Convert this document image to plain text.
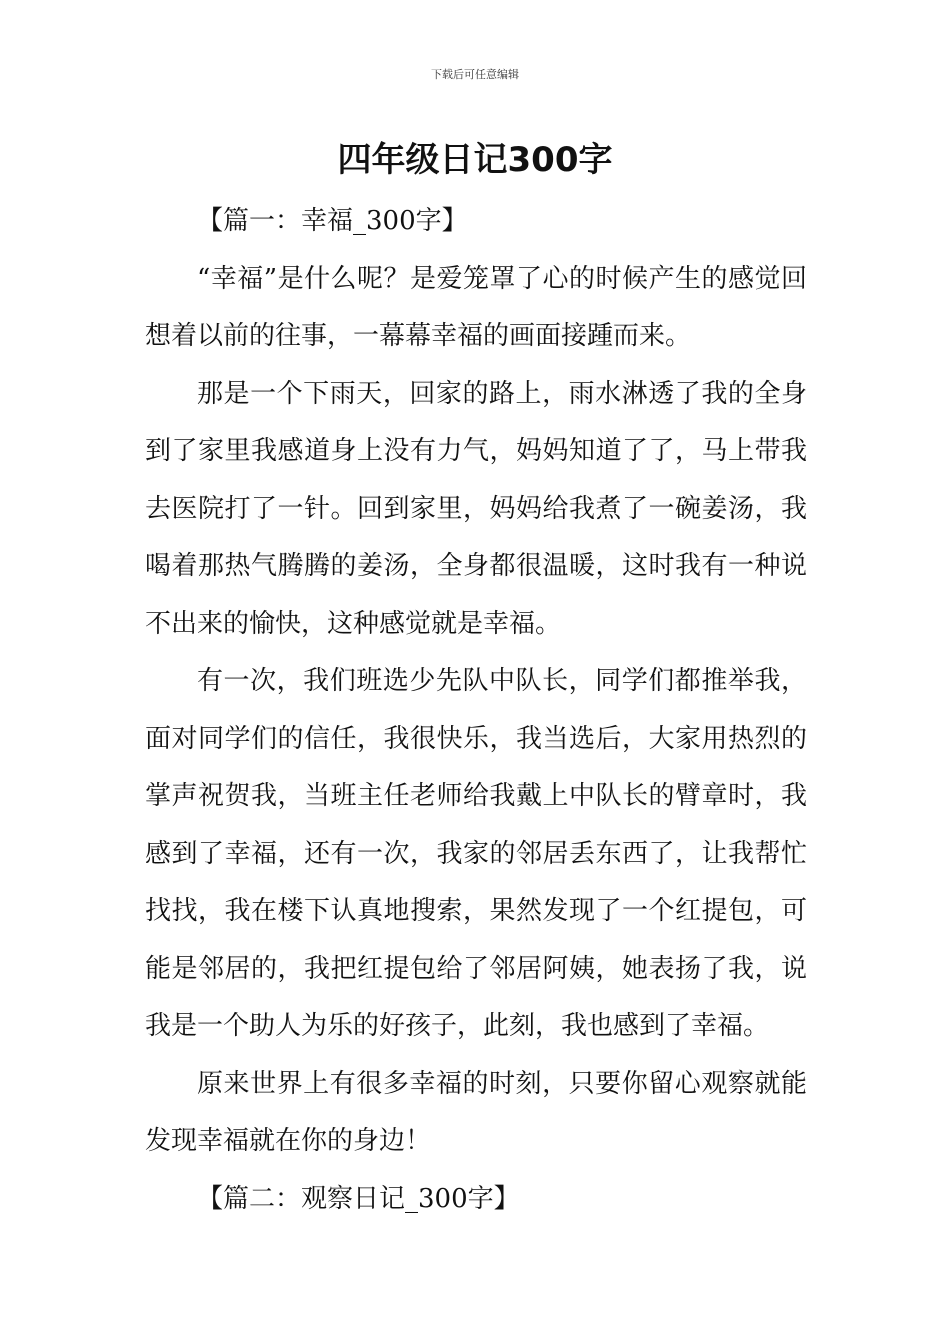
下载后可任意编辑
四年级日记300字

【篇一：幸福_300字】

“幸福”是什么呢？是爱笼罩了心的时候产生的感觉回想着以前的往事，一幕幕幸福的画面接踵而来。

那是一个下雨天，回家的路上，雨水淋透了我的全身到了家里我感道身上没有力气，妈妈知道了了，马上带我去医院打了一针。回到家里，妈妈给我煮了一碗姜汤，我喝着那热气腾腾的姜汤，全身都很温暖，这时我有一种说不出来的愉快，这种感觉就是幸福。

有一次，我们班选少先队中队长，同学们都推举我，面对同学们的信任，我很快乐，我当选后，大家用热烈的掌声祝贺我，当班主任老师给我戴上中队长的臂章时，我感到了幸福，还有一次，我家的邻居丢东西了，让我帮忙找找，我在楼下认真地搜索，果然发现了一个红提包，可能是邻居的，我把红提包给了邻居阿姨，她表扬了我，说我是一个助人为乐的好孩子，此刻，我也感到了幸福。

原来世界上有很多幸福的时刻，只要你留心观察就能发现幸福就在你的身边！

【篇二：观察日记_300字】
